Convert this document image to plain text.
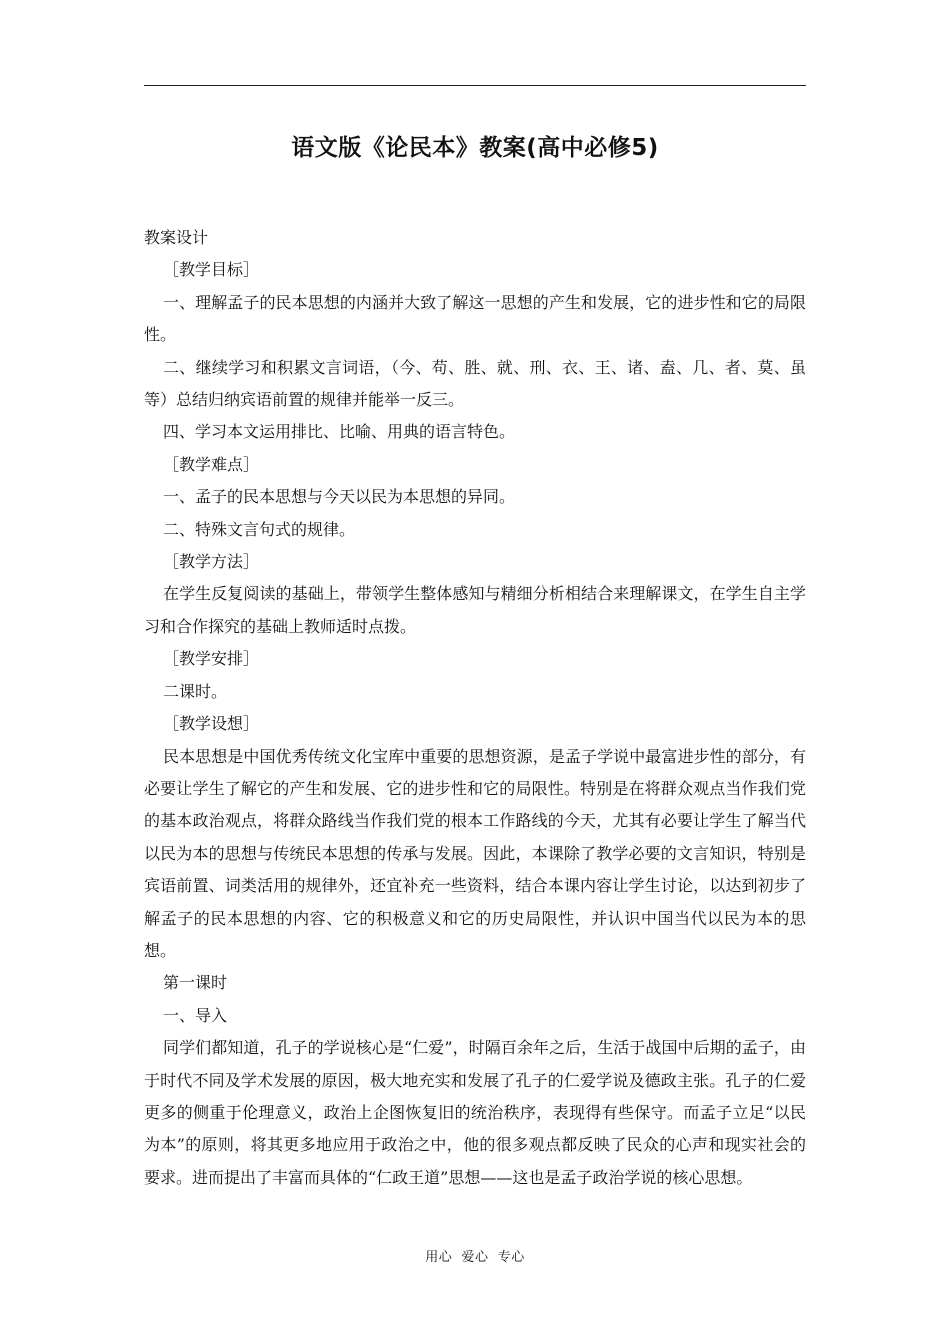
语文版《论民本》教案(高中必修5)

教案设计

［教学目标］

一、理解孟子的民本思想的内涵并大致了解这一思想的产生和发展，它的进步性和它的局限性。

二、继续学习和积累文言词语，（今、苟、胜、就、刑、衣、王、诸、盍、几、者、莫、虽等）总结归纳宾语前置的规律并能举一反三。

四、学习本文运用排比、比喻、用典的语言特色。

［教学难点］

一、孟子的民本思想与今天以民为本思想的异同。

二、特殊文言句式的规律。

［教学方法］

在学生反复阅读的基础上，带领学生整体感知与精细分析相结合来理解课文，在学生自主学习和合作探究的基础上教师适时点拨。

［教学安排］

二课时。

［教学设想］

民本思想是中国优秀传统文化宝库中重要的思想资源，是孟子学说中最富进步性的部分，有必要让学生了解它的产生和发展、它的进步性和它的局限性。特别是在将群众观点当作我们党的基本政治观点，将群众路线当作我们党的根本工作路线的今天，尤其有必要让学生了解当代以民为本的思想与传统民本思想的传承与发展。因此，本课除了教学必要的文言知识，特别是宾语前置、词类活用的规律外，还宜补充一些资料，结合本课内容让学生讨论，以达到初步了解孟子的民本思想的内容、它的积极意义和它的历史局限性，并认识中国当代以民为本的思想。

第一课时

一、导入

同学们都知道，孔子的学说核心是“仁爱”，时隔百余年之后，生活于战国中后期的孟子，由于时代不同及学术发展的原因，极大地充实和发展了孔子的仁爱学说及德政主张。孔子的仁爱更多的侧重于伦理意义，政治上企图恢复旧的统治秩序，表现得有些保守。而孟子立足“以民为本”的原则，将其更多地应用于政治之中，他的很多观点都反映了民众的心声和现实社会的要求。进而提出了丰富而具体的“仁政王道”思想——这也是孟子政治学说的核心思想。

用心  爱心  专心
